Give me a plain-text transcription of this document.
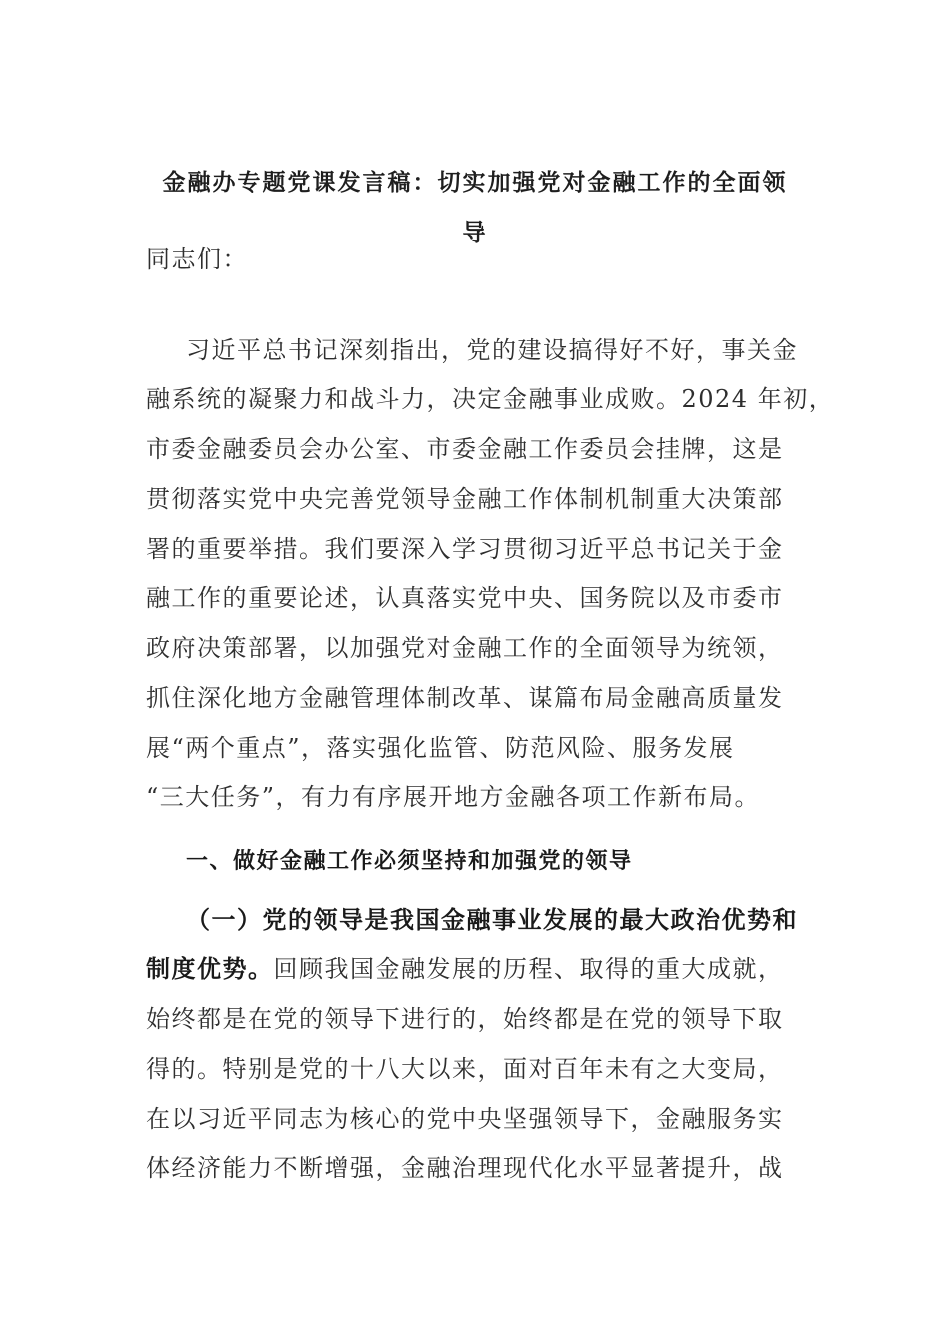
金融办专题党课发言稿：切实加强党对金融工作的全面领
导
同志们：
习近平总书记深刻指出，党的建设搞得好不好，事关金
融系统的凝聚力和战斗力，决定金融事业成败。2024 年初，
市委金融委员会办公室、市委金融工作委员会挂牌，这是
贯彻落实党中央完善党领导金融工作体制机制重大决策部
署的重要举措。我们要深入学习贯彻习近平总书记关于金
融工作的重要论述，认真落实党中央、国务院以及市委市
政府决策部署，以加强党对金融工作的全面领导为统领，
抓住深化地方金融管理体制改革、谋篇布局金融高质量发
展“两个重点”，落实强化监管、防范风险、服务发展
“三大任务”，有力有序展开地方金融各项工作新布局。
一、做好金融工作必须坚持和加强党的领导
（一）党的领导是我国金融事业发展的最大政治优势和
制度优势。回顾我国金融发展的历程、取得的重大成就，
始终都是在党的领导下进行的，始终都是在党的领导下取
得的。特别是党的十八大以来，面对百年未有之大变局，
在以习近平同志为核心的党中央坚强领导下，金融服务实
体经济能力不断增强，金融治理现代化水平显著提升，战
